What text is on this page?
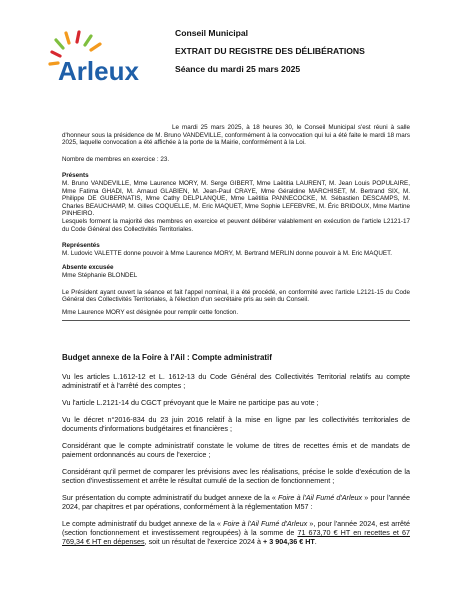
Arleux
Conseil Municipal
EXTRAIT DU REGISTRE DES DÉLIBÉRATIONS
Séance du mardi 25 mars 2025

Le mardi 25 mars 2025, à 18 heures 30, le Conseil Municipal s'est réuni à salle d'honneur sous la présidence de M. Bruno VANDEVILLE, conformément à la convocation qui lui a été faite le mardi 18 mars 2025, laquelle convocation a été affichée à la porte de la Mairie, conformément à la Loi.

Nombre de membres en exercice : 23.

Présents

M. Bruno VANDEVILLE, Mme Laurence MORY, M. Serge GIBERT, Mme Laëtitia LAURENT, M. Jean Louis POPULAIRE, Mme Fatima GHADI, M. Arnaud GLABIEN, M. Jean-Paul CRAYE, Mme Géraldine MARCHISET, M. Bertrand SIX, M. Philippe DE GUBERNATIS, Mme Cathy DELPLANQUE, Mme Laëtitia PANNECOCKE, M. Sébastien DESCAMPS, M. Charles BEAUCHAMP, M. Gilles COQUELLE, M. Eric MAQUET, Mme Sophie LEFEBVRE, M. Éric BRIDOUX, Mme Martine PINHEIRO.

Lesquels forment la majorité des membres en exercice et peuvent délibérer valablement en exécution de l'article L2121-17 du Code Général des Collectivités Territoriales.

Représentés

M. Ludovic VALETTE donne pouvoir à Mme Laurence MORY, M. Bertrand MERLIN donne pouvoir à M. Eric MAQUET.

Absente excusée

Mme Stéphanie BLONDEL

Le Président ayant ouvert la séance et fait l'appel nominal, il a été procédé, en conformité avec l'article L2121-15 du Code Général des Collectivités Territoriales, à l'élection d'un secrétaire pris au sein du Conseil.

Mme Laurence MORY est désignée pour remplir cette fonction.

Budget annexe de la Foire à l'Ail : Compte administratif

Vu les articles L.1612-12 et L. 1612-13 du Code Général des Collectivités Territorial relatifs au compte administratif et à l'arrêté des comptes ;

Vu l'article L.2121-14 du CGCT prévoyant que le Maire ne participe pas au vote ;

Vu le décret n°2016-834 du 23 juin 2016 relatif à la mise en ligne par les collectivités territoriales de documents d'informations budgétaires et financières ;

Considérant que le compte administratif constate le volume de titres de recettes émis et de mandats de paiement ordonnancés au cours de l'exercice ;

Considérant qu'il permet de comparer les prévisions avec les réalisations, précise le solde d'exécution de la section d'investissement et arrête le résultat cumulé de la section de fonctionnement ;

Sur présentation du compte administratif du budget annexe de la « Foire à l'Ail Fumé d'Arleux » pour l'année 2024, par chapitres et par opérations, conformément à la réglementation M57 :

Le compte administratif du budget annexe de la « Foire à l'Ail Fumé d'Arleux », pour l'année 2024, est arrêté (section fonctionnement et investissement regroupées) à la somme de 71 673,70 € HT en recettes et 67 769,34 € HT en dépenses, soit un résultat de l'exercice 2024 à + 3 904,36 € HT.
